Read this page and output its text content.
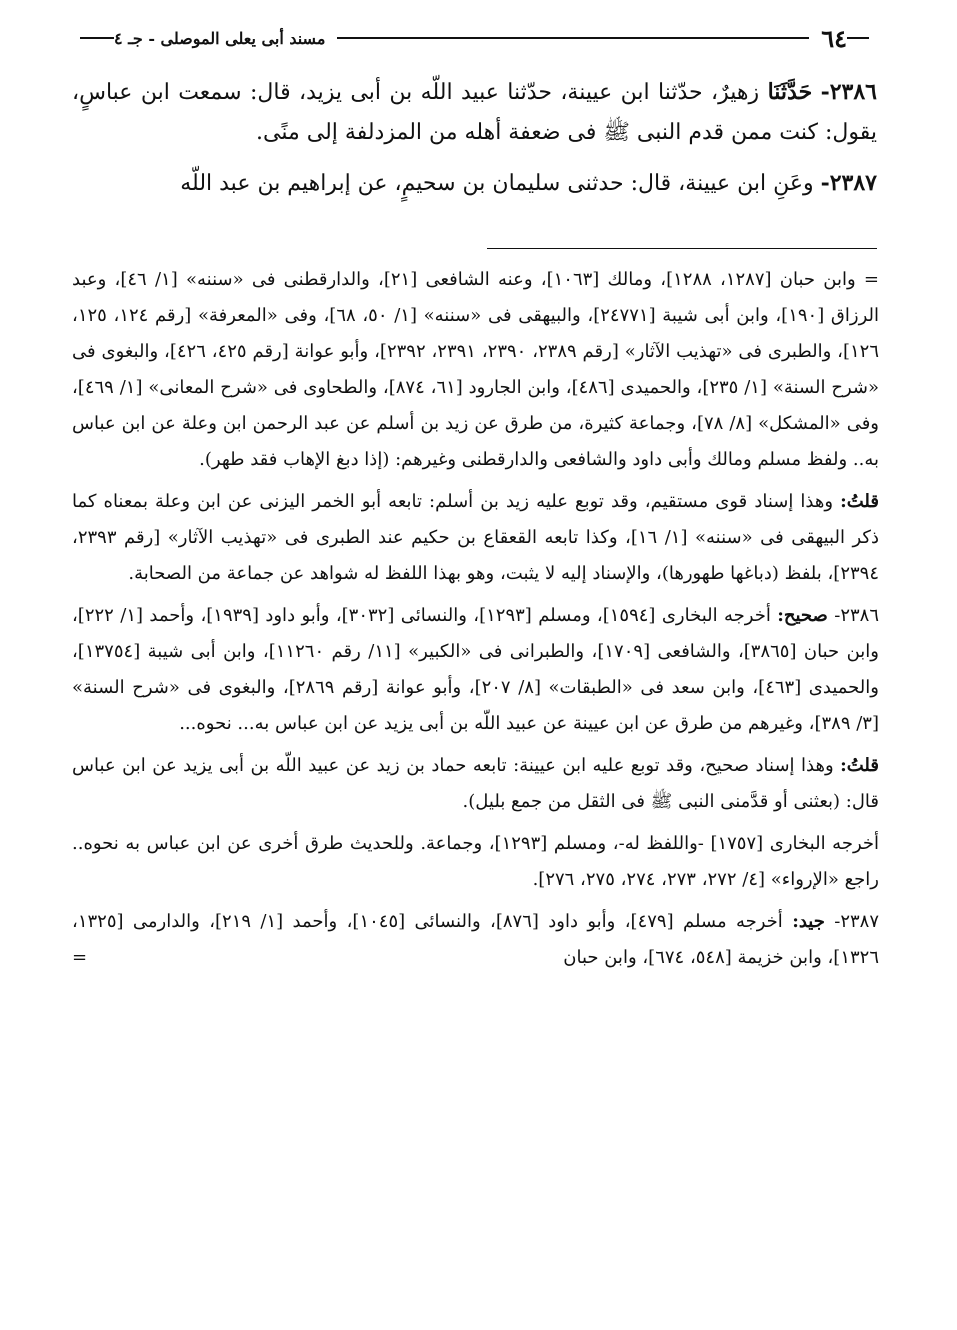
٦٤
مسند أبى يعلى الموصلى - جـ ٤

٢٣٨٦- حَدَّثَنَا زهيرٌ، حدّثنا ابن عيينة، حدّثنا عبيد اللّه بن أبى يزيد، قال: سمعت ابن عباسٍ، يقول: كنت ممن قدم النبى ﷺ فى ضعفة أهله من المزدلفة إلى منًى.

٢٣٨٧- وعَنِ ابن عيينة، قال: حدثنى سليمان بن سحيمٍ، عن إبراهيم بن عبد اللّه

= وابن حبان [١٢٨٧، ١٢٨٨]، ومالك [١٠٦٣]، وعنه الشافعى [٢١]، والدارقطنى فى «سننه» [١/ ٤٦]، وعبد الرزاق [١٩٠]، وابن أبى شيبة [٢٤٧٧١]، والبيهقى فى «سننه» [١/ ٥٠، ٦٨]، وفى «المعرفة» [رقم ١٢٤، ١٢٥، ١٢٦]، والطبرى فى «تهذيب الآثار» [رقم ٢٣٨٩، ٢٣٩٠، ٢٣٩١، ٢٣٩٢]، وأبو عوانة [رقم ٤٢٥، ٤٢٦]، والبغوى فى «شرح السنة» [١/ ٢٣٥]، والحميدى [٤٨٦]، وابن الجارود [٦١، ٨٧٤]، والطحاوى فى «شرح المعانى» [١/ ٤٦٩]، وفى «المشكل» [٨/ ٧٨]، وجماعة كثيرة، من طرق عن زيد بن أسلم عن عبد الرحمن ابن وعلة عن ابن عباس به.. ولفظ مسلم ومالك وأبى داود والشافعى والدارقطنى وغيرهم: (إذا دبغ الإهاب فقد طهر).

قلتُ: وهذا إسناد قوى مستقيم، وقد توبع عليه زيد بن أسلم: تابعه أبو الخمر اليزنى عن ابن وعلة بمعناه كما ذكر البيهقى فى «سننه» [١/ ١٦]، وكذا تابعه القعقاع بن حكيم عند الطبرى فى «تهذيب الآثار» [رقم ٢٣٩٣، ٢٣٩٤]، بلفظ (دباغها طهورها)، والإسناد إليه لا يثبت، وهو بهذا اللفظ له شواهد عن جماعة من الصحابة.

٢٣٨٦- صحيح: أخرجه البخارى [١٥٩٤]، ومسلم [١٢٩٣]، والنسائى [٣٠٣٢]، وأبو داود [١٩٣٩]، وأحمد [١/ ٢٢٢]، وابن حبان [٣٨٦٥]، والشافعى [١٧٠٩]، والطبرانى فى «الكبير» [١١/ رقم ١١٢٦٠]، وابن أبى شيبة [١٣٧٥٤]، والحميدى [٤٦٣]، وابن سعد فى «الطبقات» [٨/ ٢٠٧]، وأبو عوانة [رقم ٢٨٦٩]، والبغوى فى «شرح السنة» [٣/ ٣٨٩]، وغيرهم من طرق عن ابن عيينة عن عبيد اللّه بن أبى يزيد عن ابن عباس به... نحوه...

قلتُ: وهذا إسناد صحيح، وقد توبع عليه ابن عيينة: تابعه حماد بن زيد عن عبيد اللّه بن أبى يزيد عن ابن عباس قال: (بعثنى أو قدَّمنى النبى ﷺ فى الثقل من جمع بليل).

أخرجه البخارى [١٧٥٧] -واللفظ له-، ومسلم [١٢٩٣]، وجماعة. وللحديث طرق أخرى عن ابن عباس به نحوه.. راجع «الإرواء» [٤/ ٢٧٢، ٢٧٣، ٢٧٤، ٢٧٥، ٢٧٦].

٢٣٨٧- جيد: أخرجه مسلم [٤٧٩]، وأبو داود [٨٧٦]، والنسائى [١٠٤٥]، وأحمد [١/ ٢١٩]، والدارمى [١٣٢٥، ١٣٢٦]، وابن خزيمة [٥٤٨، ٦٧٤]، وابن حبان
=
